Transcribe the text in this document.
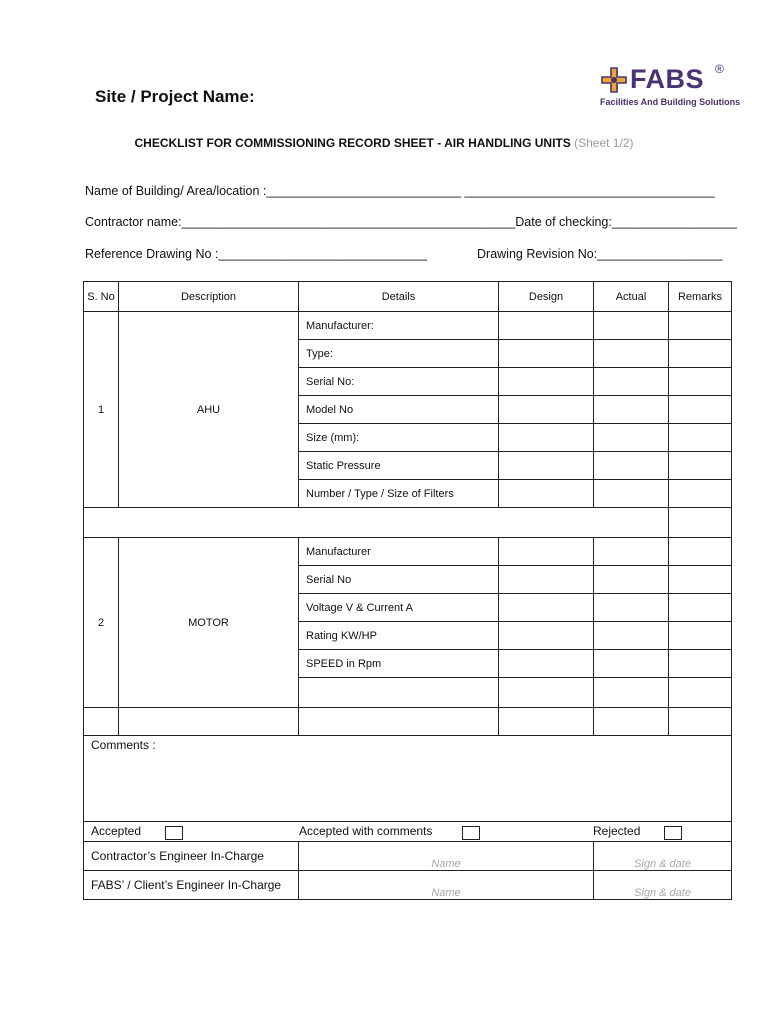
Site / Project Name:
FABS ®
Facilities And Building Solutions
CHECKLIST FOR COMMISSIONING RECORD SHEET - AIR HANDLING UNITS (Sheet 1/2)
Name of Building/ Area/location :____________________________ ____________________________________
Contractor name:________________________________________________Date of checking:__________________
Reference Drawing No :______________________________	Drawing Revision No:__________________
S. No	Description	Details	Design	Actual	Remarks
1	AHU	Manufacturer:			
		Type:			
		Serial No:			
		Model No			
		Size (mm):			
		Static Pressure			
		Number / Type / Size of Filters			

2	MOTOR	Manufacturer			
		Serial No			
		Voltage V & Current A			
		Rating KW/HP			
		SPEED in Rpm			

Comments :					

Accepted Accepted with comments Rejected					

Contractor’s Engineer In-Charge		Name		Sign & date	
FABS’ / Client’s Engineer In-Charge		Name		Sign & date	
